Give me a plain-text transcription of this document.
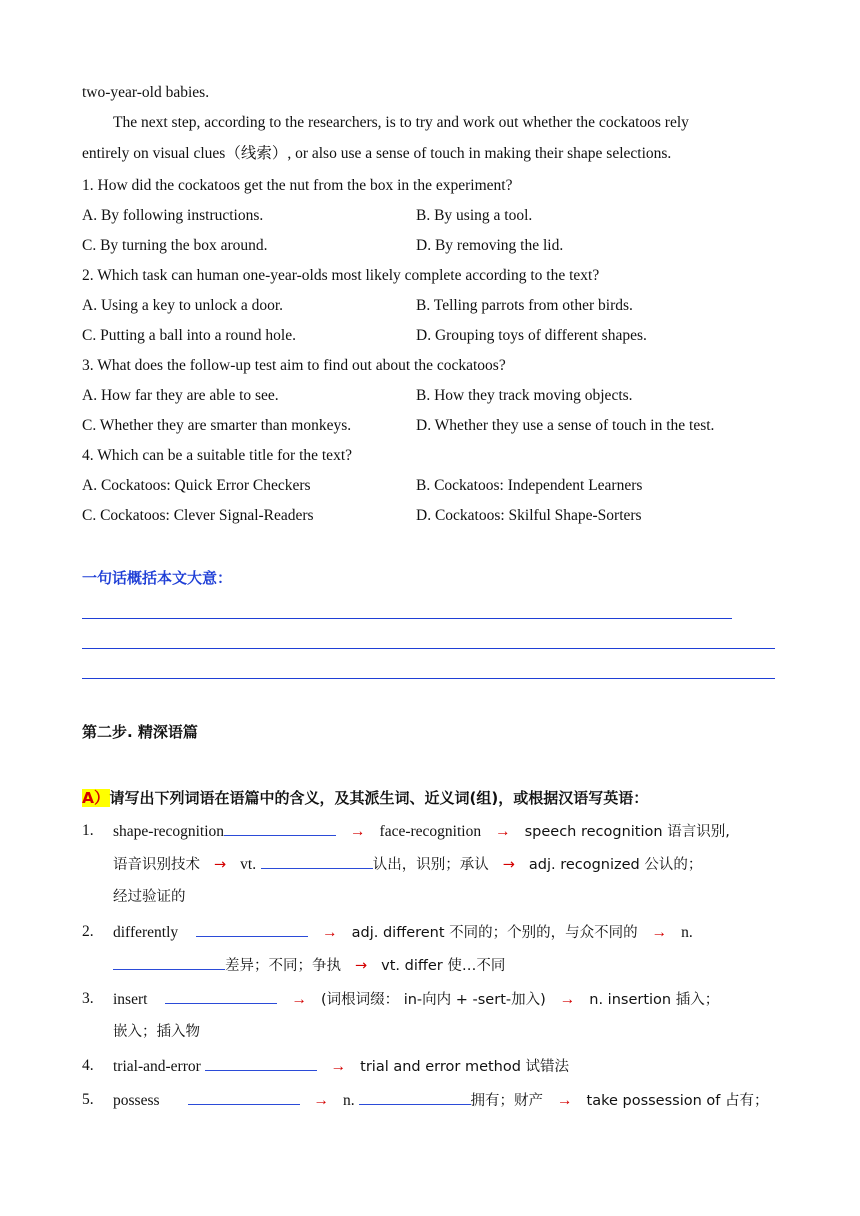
two-year-old babies.
The next step, according to the researchers, is to try and work out whether the cockatoos rely
entirely on visual clues（线索）, or also use a sense of touch in making their shape selections.
1. How did the cockatoos get the nut from the box in the experiment?
A. By following instructions.	B. By using a tool.
C. By turning the box around.	D. By removing the lid.
2. Which task can human one-year-olds most likely complete according to the text?
A. Using a key to unlock a door.	B. Telling parrots from other birds.
C. Putting a ball into a round hole.	D. Grouping toys of different shapes.
3. What does the follow-up test aim to find out about the cockatoos?
A. How far they are able to see.	B. How they track moving objects.
C. Whether they are smarter than monkeys.	D. Whether they use a sense of touch in the test.
4. Which can be a suitable title for the text?
A. Cockatoos: Quick Error Checkers	B. Cockatoos: Independent Learners
C. Cockatoos: Clever Signal-Readers	D. Cockatoos: Skilful Shape-Sorters
一句话概括本文大意：
第二步. 精深语篇
A）请写出下列词语在语篇中的含义，及其派生词、近义词(组)，或根据汉语写英语：
1. shape-recognition	→ face-recognition → speech recognition 语言识别,
语音识别技术 → vt.	认出，识别；承认 → adj. recognized 公认的；
经过验证的
2. differently	→ adj. different 不同的；个别的，与众不同的 → n.
差异；不同；争执 → vt. differ 使…不同
3. insert	→ (词根词缀： in-向内 + -sert-加入) → n. insertion 插入；
嵌入；插入物
4. trial-and-error	→ trial and error method 试错法
5. possess	→ n.	拥有；财产 → take possession of 占有；
